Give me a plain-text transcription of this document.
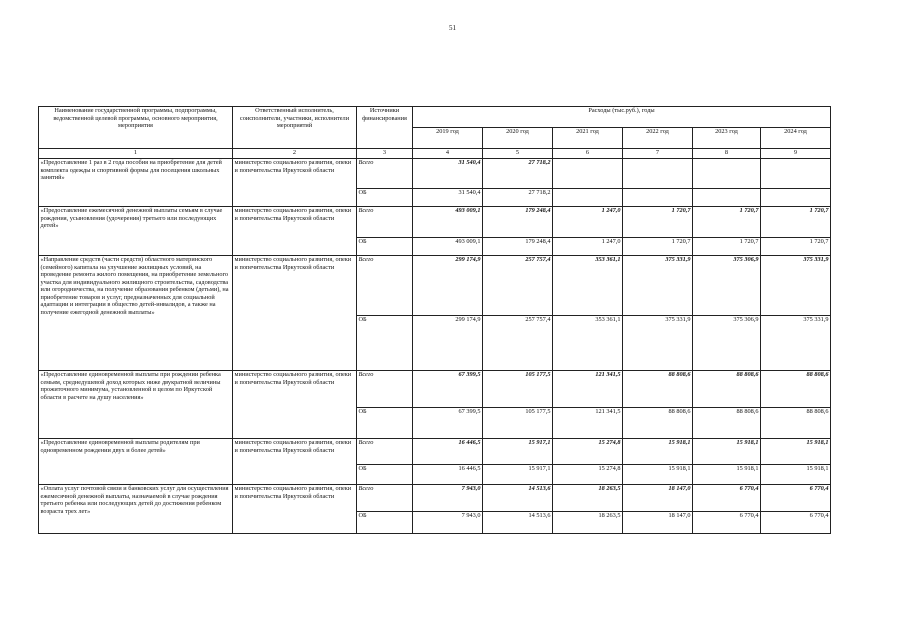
51
Наименование государственной программы, подпрограммы, ведомственной целевой программы, основного мероприятия, мероприятия	Ответственный исполнитель, соисполнители, участники, исполнители мероприятий	Источники финансирования	Расходы (тыс.руб.), годы					
			2019 год	2020 год	2021 год	2022 год	2023 год	2024 год
1	2	3	4	5	6	7	8	9
«Предоставление 1 раз в 2 года пособия на приобретение для детей комплекта одежды и спортивной формы для посещения школьных занятий»	министерство социального развития, опеки и попечительства Иркутской области	Всего	31 540,4	27 718,2				
		ОБ	31 540,4	27 718,2				
«Предоставление ежемесячной денежной выплаты семьям в случае рождения, усыновления (удочерения) третьего или последующих детей»	министерство социального развития, опеки и попечительства Иркутской области	Всего	493 009,1	179 248,4	1 247,0	1 720,7	1 720,7	1 720,7
		ОБ	493 009,1	179 248,4	1 247,0	1 720,7	1 720,7	1 720,7
«Направление средств (части средств) областного материнского (семейного) капитала на улучшение жилищных условий, на проведение ремонта жилого помещения, на приобретение земельного участка для индивидуального жилищного строительства, садоводства или огородничества, на получение образования ребенком (детьми), на приобретение товаров и услуг, предназначенных для социальной адаптации и интеграции в общество детей-инвалидов, а также на получение ежегодной денежной выплаты»	министерство социального развития, опеки и попечительства Иркутской области	Всего	299 174,9	257 757,4	353 361,1	375 331,9	375 306,9	375 331,9
		ОБ	299 174,9	257 757,4	353 361,1	375 331,9	375 306,9	375 331,9
«Предоставление единовременной выплаты при рождении ребенка семьям, среднедушевой доход которых ниже двукратной величины прожиточного минимума, установленной в целом по Иркутской области в расчете на душу населения»	министерство социального развития, опеки и попечительства Иркутской области	Всего	67 399,5	105 177,5	121 341,5	88 808,6	88 808,6	88 808,6
		ОБ	67 399,5	105 177,5	121 341,5	88 808,6	88 808,6	88 808,6
«Предоставление единовременной выплаты родителям при одновременном рождении двух и более детей»	министерство социального развития, опеки и попечительства Иркутской области	Всего	16 446,5	15 917,1	15 274,8	15 918,1	15 918,1	15 918,1
		ОБ	16 446,5	15 917,1	15 274,8	15 918,1	15 918,1	15 918,1
«Оплата услуг почтовой связи и банковских услуг для осуществления ежемесячной денежной выплаты, назначаемой в случае рождения третьего ребенка или последующих детей до достижения ребенком возраста трех лет»	министерство социального развития, опеки и попечительства Иркутской области	Всего	7 943,0	14 513,6	18 263,5	18 147,0	6 770,4	6 770,4
		ОБ	7 943,0	14 513,6	18 263,5	18 147,0	6 770,4	6 770,4
